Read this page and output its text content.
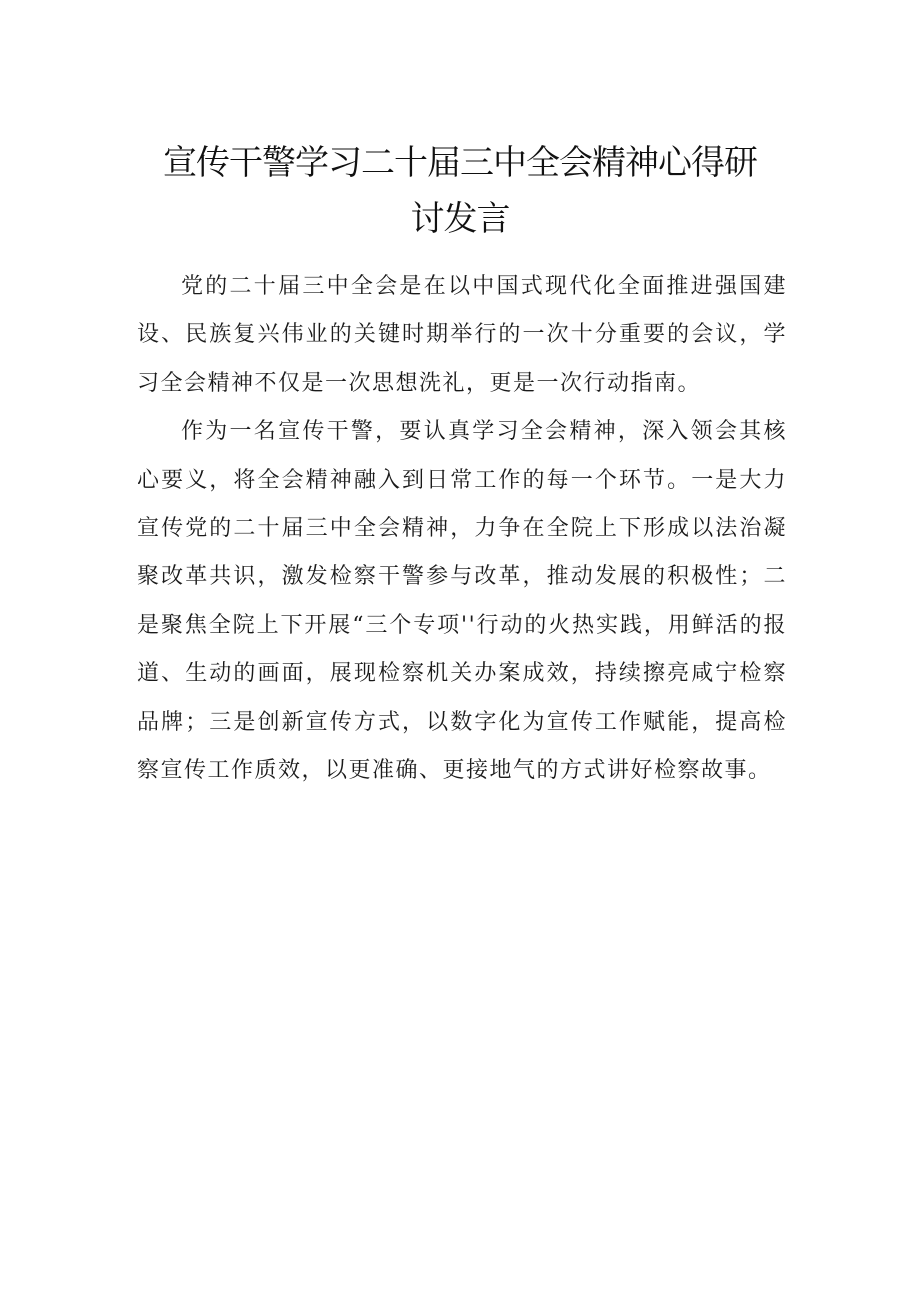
宣传干警学习二十届三中全会精神心得研
讨发言

党的二十届三中全会是在以中国式现代化全面推进强国建设、民族复兴伟业的关键时期举行的一次十分重要的会议，学习全会精神不仅是一次思想洗礼，更是一次行动指南。

作为一名宣传干警，要认真学习全会精神，深入领会其核心要义，将全会精神融入到日常工作的每一个环节。一是大力宣传党的二十届三中全会精神，力争在全院上下形成以法治凝聚改革共识，激发检察干警参与改革，推动发展的积极性；二是聚焦全院上下开展“三个专项''行动的火热实践，用鲜活的报道、生动的画面，展现检察机关办案成效，持续擦亮咸宁检察品牌；三是创新宣传方式，以数字化为宣传工作赋能，提高检察宣传工作质效，以更准确、更接地气的方式讲好检察故事。
